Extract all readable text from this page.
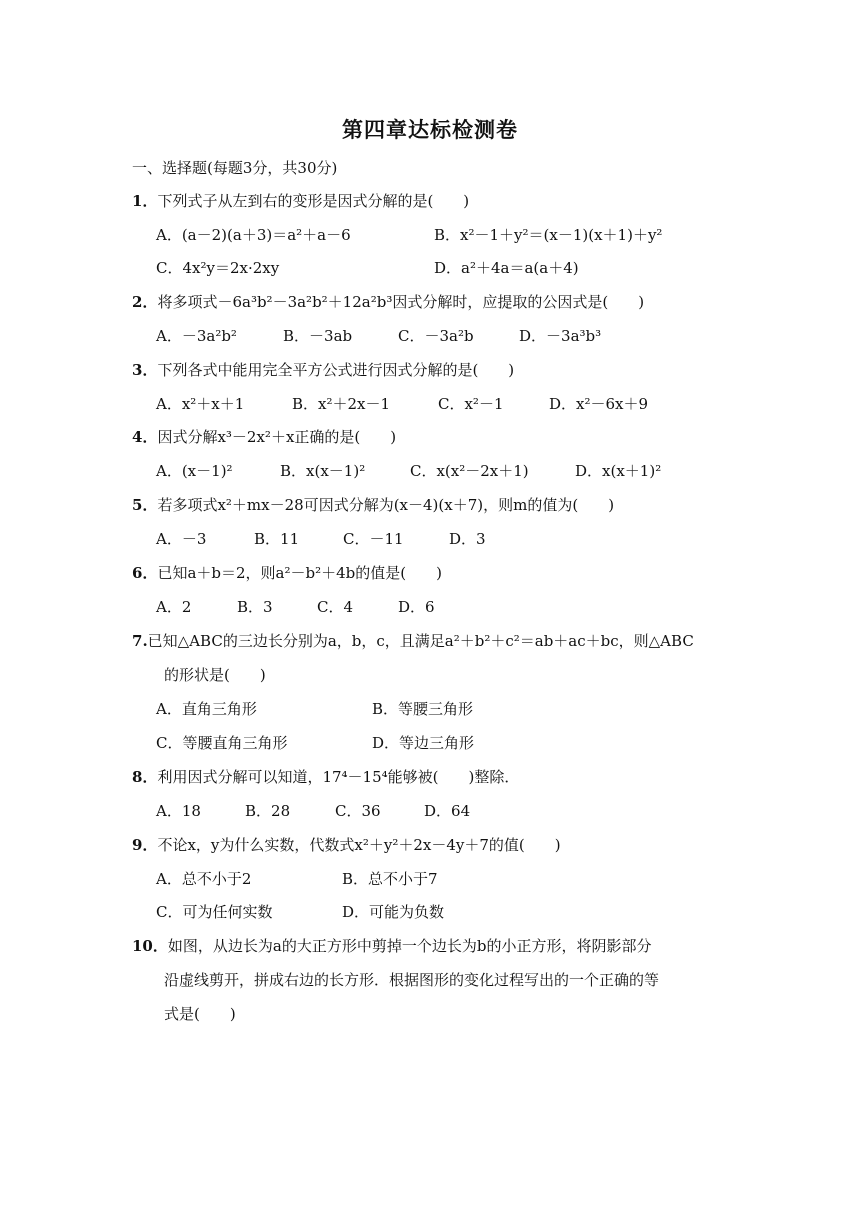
第四章达标检测卷
一、选择题(每题3分，共30分)
1．下列式子从左到右的变形是因式分解的是(　　)
A．(a－2)(a＋3)＝a²＋a－6	B．x²－1＋y²＝(x－1)(x＋1)＋y²
C．4x²y＝2x·2xy	D．a²＋4a＝a(a＋4)
2．将多项式－6a³b²－3a²b²＋12a²b³因式分解时，应提取的公因式是(　　)
A．－3a²b²	B．－3ab	C．－3a²b	D．－3a³b³
3．下列各式中能用完全平方公式进行因式分解的是(　　)
A．x²＋x＋1	B．x²＋2x－1	C．x²－1	D．x²－6x＋9
4．因式分解x³－2x²＋x正确的是(　　)
A．(x－1)²	B．x(x－1)²	C．x(x²－2x＋1)	D．x(x＋1)²
5．若多项式x²＋mx－28可因式分解为(x－4)(x＋7)，则m的值为(　　)
A．－3	B．11	C．－11	D．3
6．已知a＋b＝2，则a²－b²＋4b的值是(　　)
A．2	B．3	C．4	D．6
7.已知△ABC的三边长分别为a，b，c，且满足a²＋b²＋c²＝ab＋ac＋bc，则△ABC
的形状是(　　)
A．直角三角形	B．等腰三角形
C．等腰直角三角形	D．等边三角形
8．利用因式分解可以知道，17⁴－15⁴能够被(　　)整除．
A．18	B．28	C．36	D．64
9．不论x，y为什么实数，代数式x²＋y²＋2x－4y＋7的值(　　)
A．总不小于2	B．总不小于7
C．可为任何实数	D．可能为负数
10．如图，从边长为a的大正方形中剪掉一个边长为b的小正方形，将阴影部分
沿虚线剪开，拼成右边的长方形．根据图形的变化过程写出的一个正确的等
式是(　　)
